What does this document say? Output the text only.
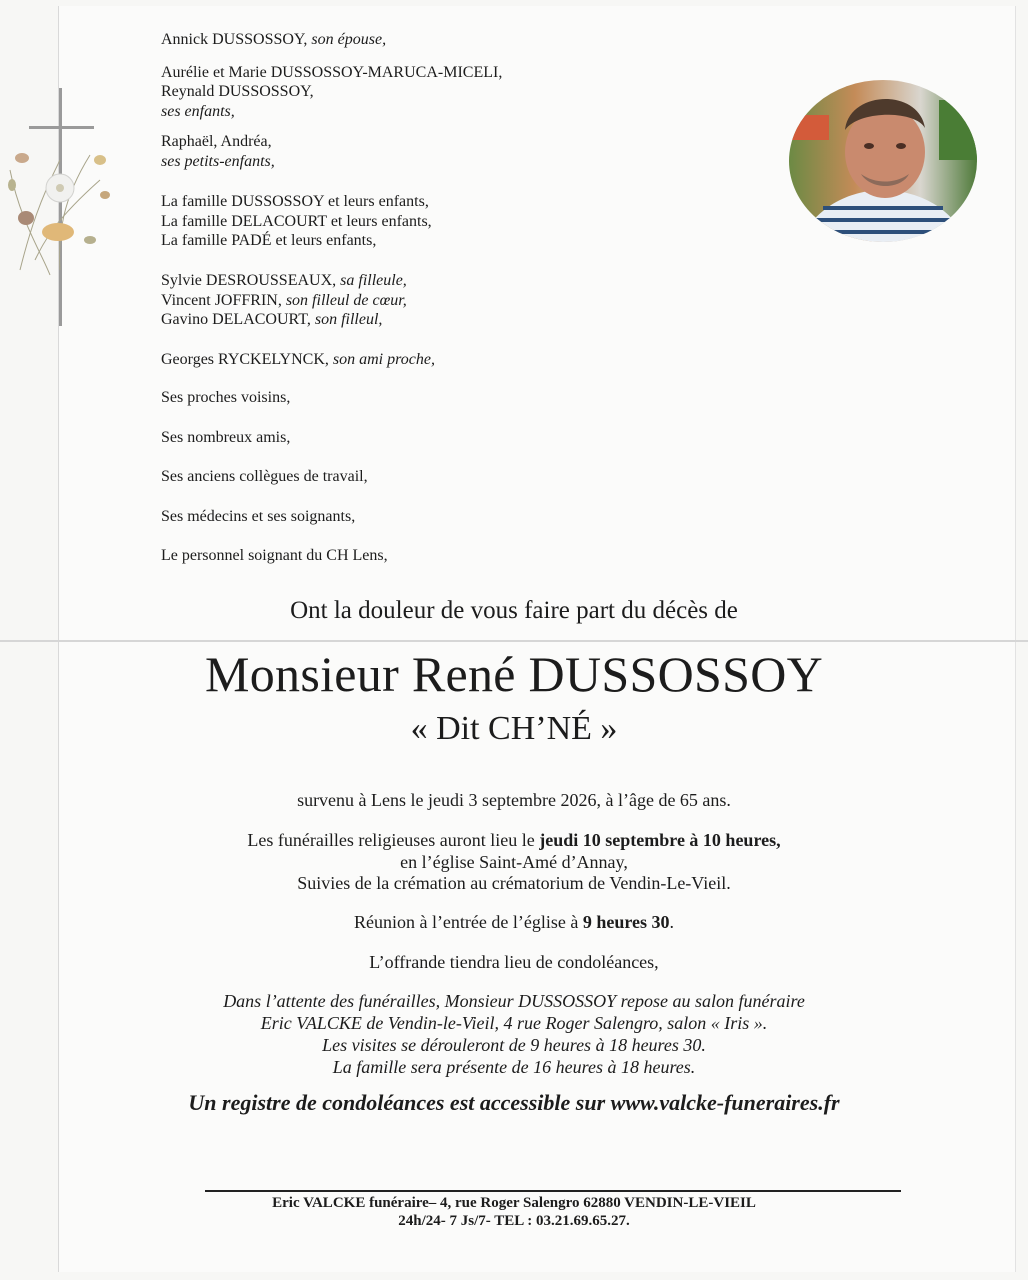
Annick DUSSOSSOY, son épouse,
Aurélie et Marie DUSSOSSOY-MARUCA-MICELI,
Reynald DUSSOSSOY,
ses enfants,
Raphaël, Andréa,
ses petits-enfants,
La famille DUSSOSSOY et leurs enfants,
La famille DELACOURT et leurs enfants,
La famille PADÉ et leurs enfants,
Sylvie DESROUSSEAUX, sa filleule,
Vincent JOFFRIN, son filleul de cœur,
Gavino DELACOURT, son filleul,
Georges RYCKELYNCK, son ami proche,
Ses proches voisins,
Ses nombreux amis,
Ses anciens collègues de travail,
Ses médecins et ses soignants,
Le personnel soignant du CH Lens,
Ont la douleur de vous faire part du décès de
Monsieur René DUSSOSSOY
« Dit CH’NÉ »
survenu à Lens le jeudi 3 septembre 2026, à l’âge de 65 ans.
Les funérailles religieuses auront lieu le jeudi 10 septembre à 10 heures,
en l’église Saint-Amé d’Annay,
Suivies de la crémation au crématorium de Vendin-Le-Vieil.
Réunion à l’entrée de l’église à 9 heures 30.
L’offrande tiendra lieu de condoléances,
Dans l’attente des funérailles, Monsieur DUSSOSSOY repose au salon funéraire
Eric VALCKE de Vendin-le-Vieil, 4 rue Roger Salengro, salon « Iris ».
Les visites se dérouleront de 9 heures à 18 heures 30.
La famille sera présente de 16 heures à 18 heures.
Un registre de condoléances est accessible sur www.valcke-funeraires.fr
Eric VALCKE funéraire– 4, rue Roger Salengro 62880 VENDIN-LE-VIEIL
24h/24- 7 Js/7- TEL : 03.21.69.65.27.
